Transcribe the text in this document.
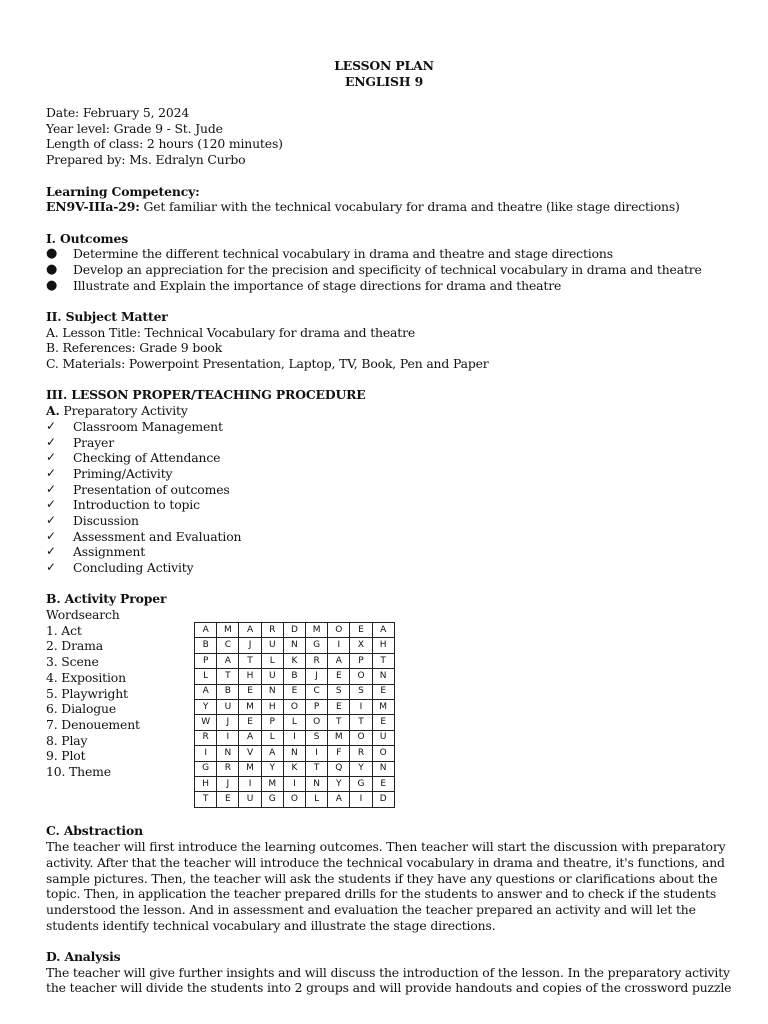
LESSON PLAN
ENGLISH 9
Date: February 5, 2024
Year level: Grade 9 - St. Jude
Length of class: 2 hours (120 minutes)
Prepared by: Ms. Edralyn Curbo
Learning Competency:
EN9V-IIIa-29: Get familiar with the technical vocabulary for drama and theatre (like stage directions)
I. Outcomes
●	Determine the different technical vocabulary in drama and theatre and stage directions
●	Develop an appreciation for the precision and specificity of technical vocabulary in drama and theatre
●	Illustrate and Explain the importance of stage directions for drama and theatre
II. Subject Matter
A. Lesson Title: Technical Vocabulary for drama and theatre
B. References: Grade 9 book
C. Materials: Powerpoint Presentation, Laptop, TV, Book, Pen and Paper
III. LESSON PROPER/TEACHING PROCEDURE
A. Preparatory Activity
✓	Classroom Management
✓	Prayer
✓	Checking of Attendance
✓	Priming/Activity
✓	Presentation of outcomes
✓	Introduction to topic
✓	Discussion
✓	Assessment and Evaluation
✓	Assignment
✓	Concluding Activity
B. Activity Proper
Wordsearch
1. Act
2. Drama
3. Scene
4. Exposition
5. Playwright
6. Dialogue
7. Denouement
8. Play
9. Plot
10. Theme
A	M	A	R	D	M	O	E	A
B	C	J	U	N	G	I	X	H
P	A	T	L	K	R	A	P	T
L	T	H	U	B	J	E	O	N
A	B	E	N	E	C	S	S	E
Y	U	M	H	O	P	E	I	M
W	J	E	P	L	O	T	T	E
R	I	A	L	I	S	M	O	U
I	N	V	A	N	I	F	R	O
G	R	M	Y	K	T	Q	Y	N
H	J	I	M	I	N	Y	G	E
T	E	U	G	O	L	A	I	D
C. Abstraction
The teacher will first introduce the learning outcomes. Then teacher will start the discussion with preparatory
activity. After that the teacher will introduce the technical vocabulary in drama and theatre, it's functions, and
sample pictures. Then, the teacher will ask the students if they have any questions or clarifications about the
topic. Then, in application the teacher prepared drills for the students to answer and to check if the students
understood the lesson. And in assessment and evaluation the teacher prepared an activity and will let the
students identify technical vocabulary and illustrate the stage directions.
D. Analysis
The teacher will give further insights and will discuss the introduction of the lesson. In the preparatory activity
the teacher will divide the students into 2 groups and will provide handouts and copies of the crossword puzzle
